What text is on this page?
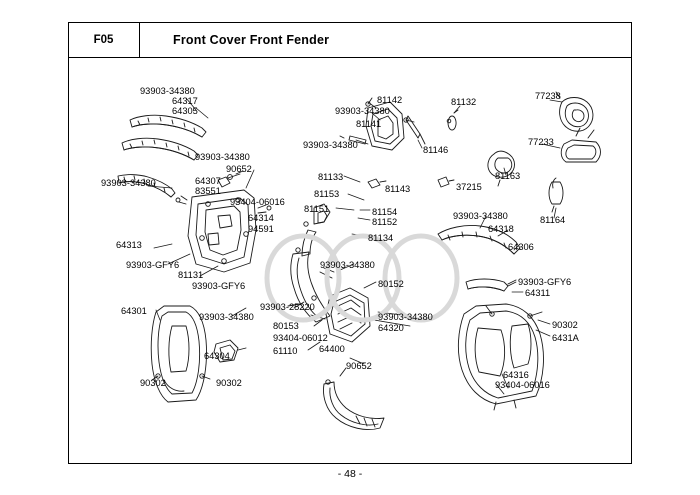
F05	Front Cover Front Fender
93903-34380
64317
64305
93903-34380
90652
93903-34380	64307
83551
93404-06016
64314
94591
64313
93903-GFY6
81131
93903-GFY6
64301
93903-34380
93903-25220
80153
93404-06012
61110
64304
90302	90302
64400
90652
81142
93903-34380
81141
93903-34380	81146
81132
77238
77233
81163
81133
81143	37215
81153
81151	81154
81152
81134
81164
93903-34380
64318
64306
93903-34380
80152	93903-GFY6
64311
93903-34380
64320	90302
6431A
64316
93404-06016
- 48 -
